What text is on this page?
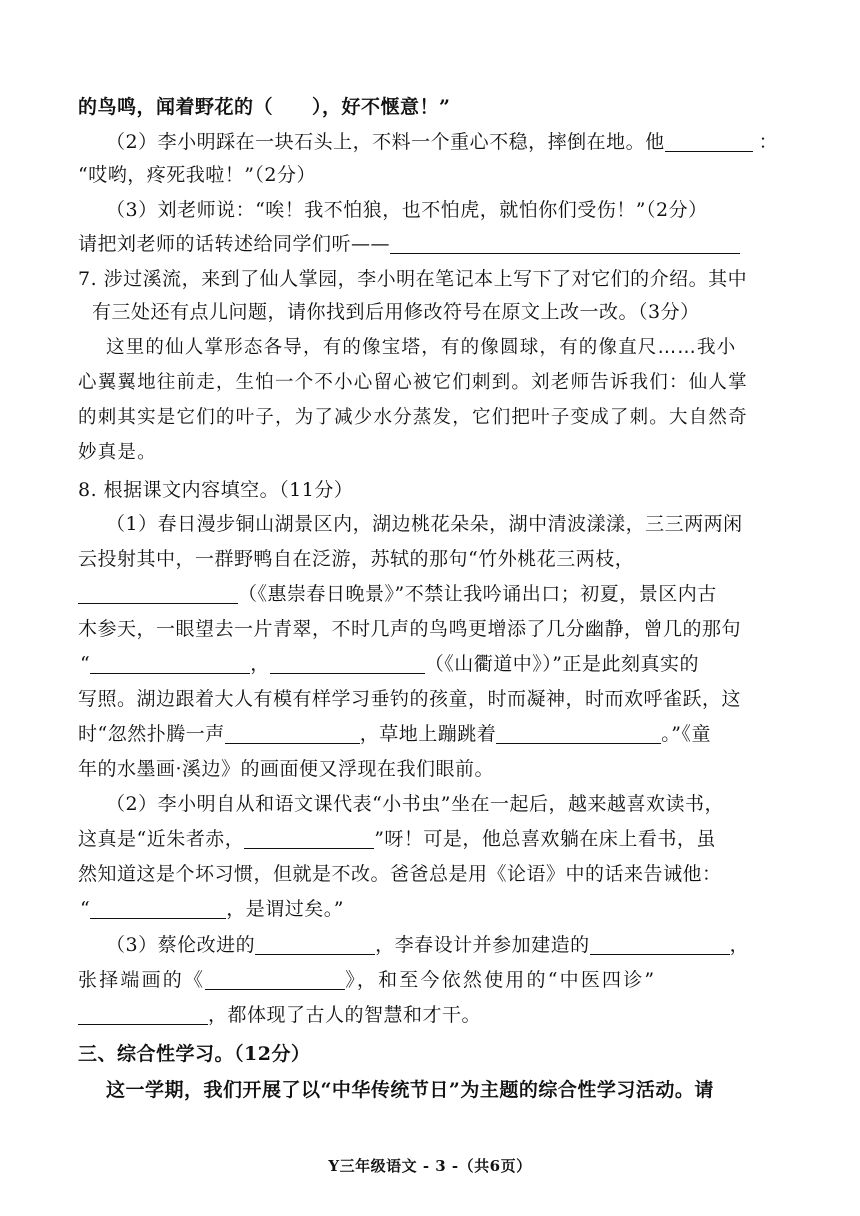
的鸟鸣，闻着野花的（　　），好不惬意！”
（2）李小明踩在一块石头上，不料一个重心不稳，摔倒在地。他	：
“哎哟，疼死我啦！”（2分）
（3）刘老师说：“唉！我不怕狼，也不怕虎，就怕你们受伤！”（2分）
请把刘老师的话转述给同学们听——
7. 涉过溪流，来到了仙人掌园，李小明在笔记本上写下了对它们的介绍。其中
有三处还有点儿问题，请你找到后用修改符号在原文上改一改。（3分）
这里的仙人掌形态各导，有的像宝塔，有的像圆球，有的像直尺……我小
心翼翼地往前走，生怕一个不小心留心被它们刺到。刘老师告诉我们：仙人掌
的刺其实是它们的叶子，为了减少水分蒸发，它们把叶子变成了刺。大自然奇
妙真是。
8. 根据课文内容填空。（11分）
（1）春日漫步铜山湖景区内，湖边桃花朵朵，湖中清波漾漾，三三两两闲
云投射其中，一群野鸭自在泛游，苏轼的那句“竹外桃花三两枝，
（《惠崇春日晚景》”不禁让我吟诵出口；初夏，景区内古
木参天，一眼望去一片青翠，不时几声的鸟鸣更增添了几分幽静，曾几的那句
“	，	（《山衢道中》）”正是此刻真实的
写照。湖边跟着大人有模有样学习垂钓的孩童，时而凝神，时而欢呼雀跃，这
时“忽然扑腾一声	，草地上蹦跳着	。”《童
年的水墨画·溪边》的画面便又浮现在我们眼前。
（2）李小明自从和语文课代表“小书虫”坐在一起后，越来越喜欢读书，
这真是“近朱者赤，	”呀！可是，他总喜欢躺在床上看书，虽
然知道这是个坏习惯，但就是不改。爸爸总是用《论语》中的话来告诫他：
“	，是谓过矣。”
（3）蔡伦改进的	，李春设计并参加建造的	，
张择端画的《	》，和至今依然使用的“中医四诊”
，都体现了古人的智慧和才干。
三、综合性学习。（12分）
这一学期，我们开展了以“中华传统节日”为主题的综合性学习活动。请
Y三年级语文 - 3 -（共6页）
